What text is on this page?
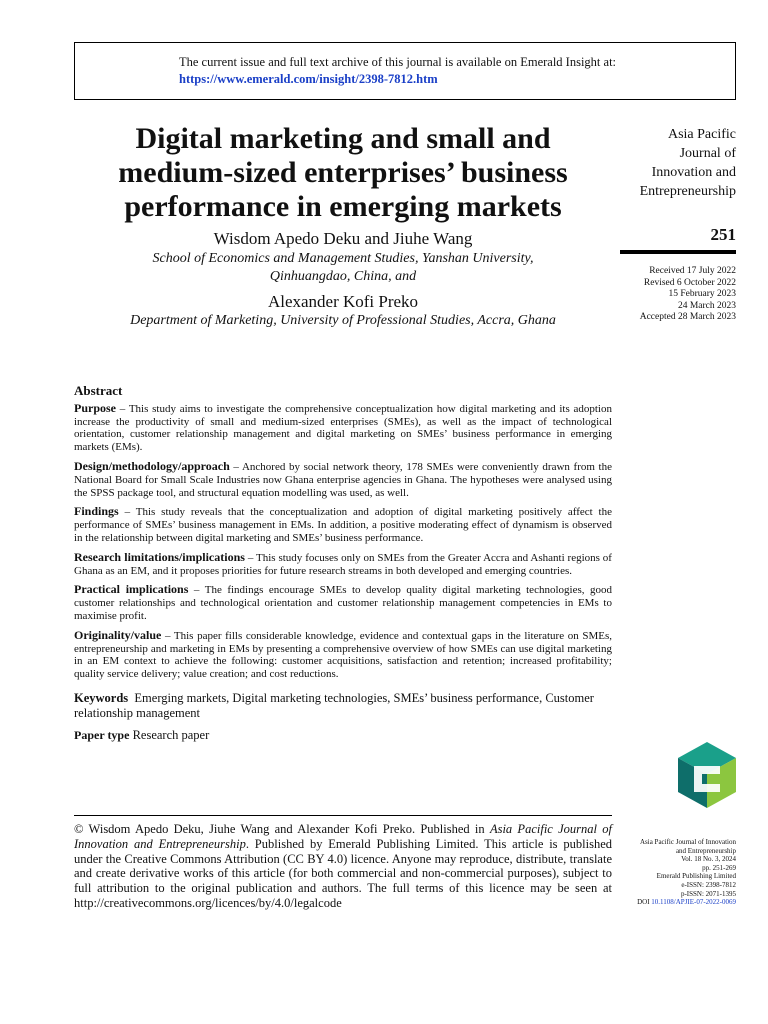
The current issue and full text archive of this journal is available on Emerald Insight at:
https://www.emerald.com/insight/2398-7812.htm
Digital marketing and small and
medium-sized enterprises’ business
performance in emerging markets
Wisdom Apedo Deku and Jiuhe Wang
School of Economics and Management Studies, Yanshan University,
Qinhuangdao, China, and
Alexander Kofi Preko
Department of Marketing, University of Professional Studies, Accra, Ghana
Asia Pacific
Journal of
Innovation and
Entrepreneurship
251
Received 17 July 2022
Revised 6 October 2022
15 February 2023
24 March 2023
Accepted 28 March 2023
Abstract

Purpose – This study aims to investigate the comprehensive conceptualization how digital marketing and its adoption increase the productivity of small and medium-sized enterprises (SMEs), as well as the impact of technological orientation, customer relationship management and digital marketing on SMEs’ business performance in emerging markets (EMs).

Design/methodology/approach – Anchored by social network theory, 178 SMEs were conveniently drawn from the National Board for Small Scale Industries now Ghana enterprise agencies in Ghana. The hypotheses were analysed using the SPSS package tool, and structural equation modelling was used, as well.

Findings – This study reveals that the conceptualization and adoption of digital marketing positively affect the performance of SMEs’ business management in EMs. In addition, a positive moderating effect of dynamism is observed in the relationship between digital marketing and SMEs’ business performance.

Research limitations/implications – This study focuses only on SMEs from the Greater Accra and Ashanti regions of Ghana as an EM, and it proposes priorities for future research streams in both developed and emerging countries.

Practical implications – The findings encourage SMEs to develop quality digital marketing technologies, good customer relationships and technological orientation and customer relationship management competencies in EMs to maximise profit.

Originality/value – This paper fills considerable knowledge, evidence and contextual gaps in the literature on SMEs, entrepreneurship and marketing in EMs by presenting a comprehensive overview of how SMEs can use digital marketing in an EM context to achieve the following: customer acquisitions, satisfaction and retention; increased profitability; quality service delivery; value creation; and cost reductions.

Keywords Emerging markets, Digital marketing technologies, SMEs’ business performance, Customer relationship management
Paper type Research paper
© Wisdom Apedo Deku, Jiuhe Wang and Alexander Kofi Preko. Published in Asia Pacific Journal of Innovation and Entrepreneurship. Published by Emerald Publishing Limited. This article is published under the Creative Commons Attribution (CC BY 4.0) licence. Anyone may reproduce, distribute, translate and create derivative works of this article (for both commercial and non-commercial purposes), subject to full attribution to the original publication and authors. The full terms of this licence may be seen at http://creativecommons.org/licences/by/4.0/legalcode
Asia Pacific Journal of Innovation
and Entrepreneurship
Vol. 18 No. 3, 2024
pp. 251-269
Emerald Publishing Limited
e-ISSN: 2398-7812
p-ISSN: 2071-1395
DOI 10.1108/APJIE-07-2022-0069
